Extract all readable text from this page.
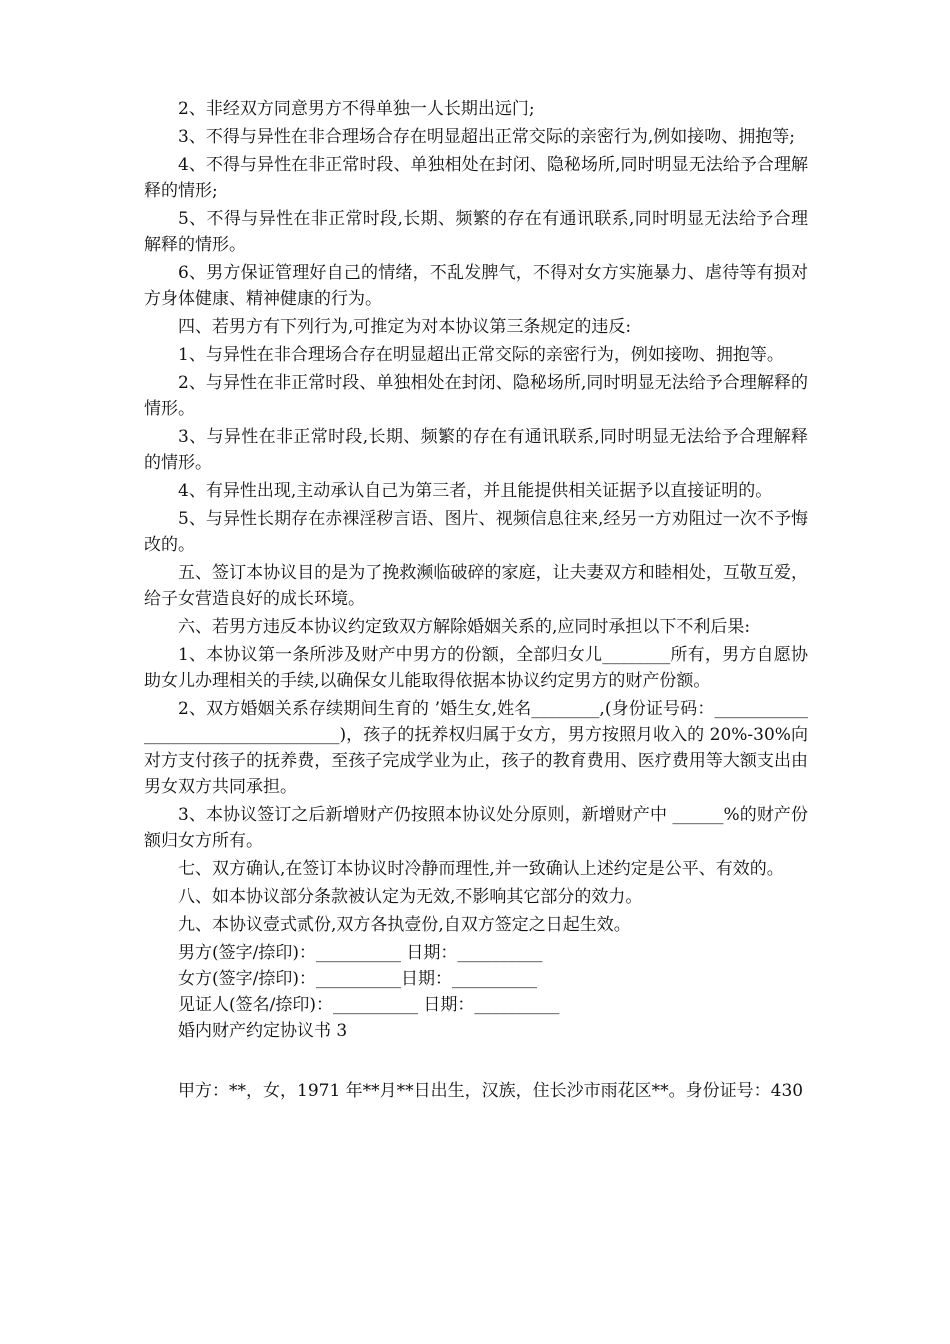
2、非经双方同意男方不得单独一人长期出远门;

3、不得与异性在非合理场合存在明显超出正常交际的亲密行为,例如接吻、拥抱等;

4、不得与异性在非正常时段、单独相处在封闭、隐秘场所,同时明显无法给予合理解释的情形;

5、不得与异性在非正常时段,长期、频繁的存在有通讯联系,同时明显无法给予合理解释的情形。

6、男方保证管理好自己的情绪，不乱发脾气，不得对女方实施暴力、虐待等有损对方身体健康、精神健康的行为。

四、若男方有下列行为,可推定为对本协议第三条规定的违反:

1、与异性在非合理场合存在明显超出正常交际的亲密行为，例如接吻、拥抱等。

2、与异性在非正常时段、单独相处在封闭、隐秘场所,同时明显无法给予合理解释的情形。

3、与异性在非正常时段,长期、频繁的存在有通讯联系,同时明显无法给予合理解释的情形。

4、有异性出现,主动承认自己为第三者，并且能提供相关证据予以直接证明的。

5、与异性长期存在赤裸淫秽言语、图片、视频信息往来,经另一方劝阻过一次不予悔改的。

五、签订本协议目的是为了挽救濒临破碎的家庭，让夫妻双方和睦相处，互敬互爱，给子女营造良好的成长环境。

六、若男方违反本协议约定致双方解除婚姻关系的,应同时承担以下不利后果:

1、本协议第一条所涉及财产中男方的份额，全部归女儿________所有，男方自愿协助女儿办理相关的手续,以确保女儿能取得依据本协议约定男方的财产份额。

2、双方婚姻关系存续期间生育的 ’婚生女,姓名________,(身份证号码：__________________________________)，孩子的抚养权归属于女方，男方按照月收入的 20%-30%向对方支付孩子的抚养费，至孩子完成学业为止，孩子的教育费用、医疗费用等大额支出由男女双方共同承担。

3、本协议签订之后新增财产仍按照本协议处分原则，新增财产中 ______%的财产份额归女方所有。

七、双方确认,在签订本协议时冷静而理性,并一致确认上述约定是公平、有效的。

八、如本协议部分条款被认定为无效,不影响其它部分的效力。

九、本协议壹式贰份,双方各执壹份,自双方签定之日起生效。

男方(签字/捺印)：__________ 日期：__________

女方(签字/捺印)：__________日期：__________

见证人(签名/捺印)：__________ 日期：__________

婚内财产约定协议书 3

甲方：**，女，1971 年**月**日出生，汉族，住长沙市雨花区**。身份证号：430
